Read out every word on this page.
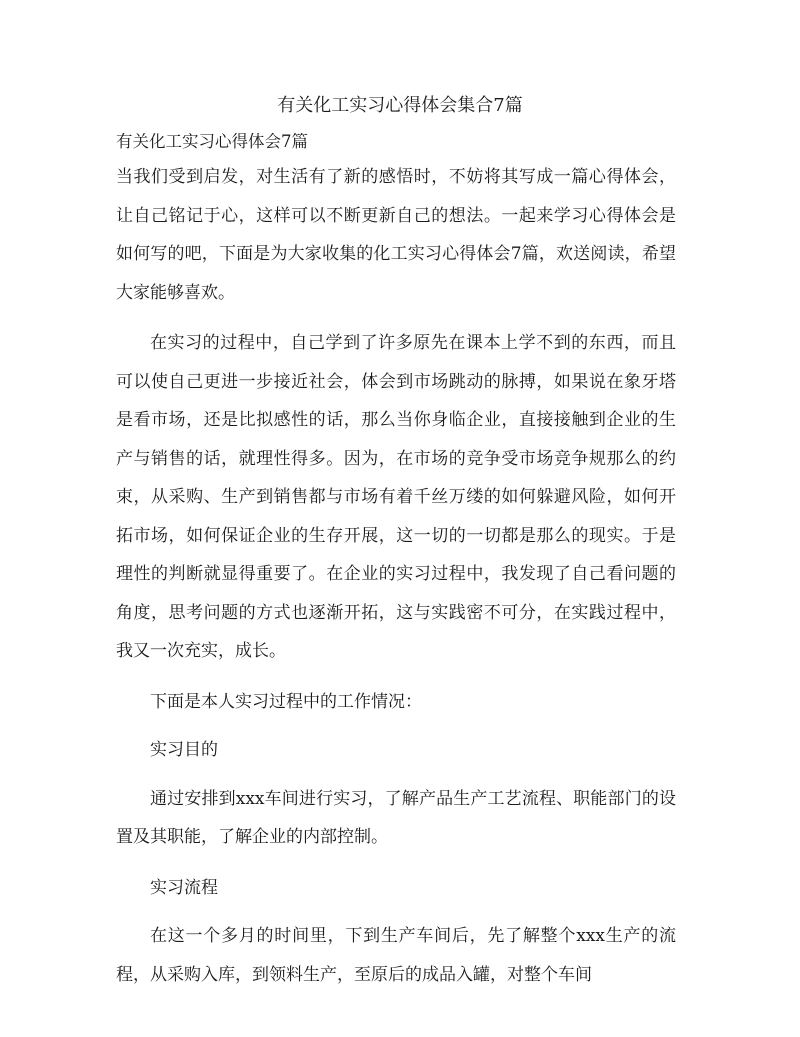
有关化工实习心得体会集合7篇

有关化工实习心得体会7篇

当我们受到启发，对生活有了新的感悟时，不妨将其写成一篇心得体会，让自己铭记于心，这样可以不断更新自己的想法。一起来学习心得体会是如何写的吧，下面是为大家收集的化工实习心得体会7篇，欢送阅读，希望大家能够喜欢。

在实习的过程中，自己学到了许多原先在课本上学不到的东西，而且可以使自己更进一步接近社会，体会到市场跳动的脉搏，如果说在象牙塔是看市场，还是比拟感性的话，那么当你身临企业，直接接触到企业的生产与销售的话，就理性得多。因为，在市场的竞争受市场竞争规那么的约束，从采购、生产到销售都与市场有着千丝万缕的如何躲避风险，如何开拓市场，如何保证企业的生存开展，这一切的一切都是那么的现实。于是理性的判断就显得重要了。在企业的实习过程中，我发现了自己看问题的角度，思考问题的方式也逐渐开拓，这与实践密不可分，在实践过程中，我又一次充实，成长。

下面是本人实习过程中的工作情况：

实习目的

通过安排到xxx车间进行实习，了解产品生产工艺流程、职能部门的设置及其职能，了解企业的内部控制。

实习流程

在这一个多月的时间里，下到生产车间后，先了解整个xxx生产的流程，从采购入库，到领料生产，至原后的成品入罐，对整个车间
